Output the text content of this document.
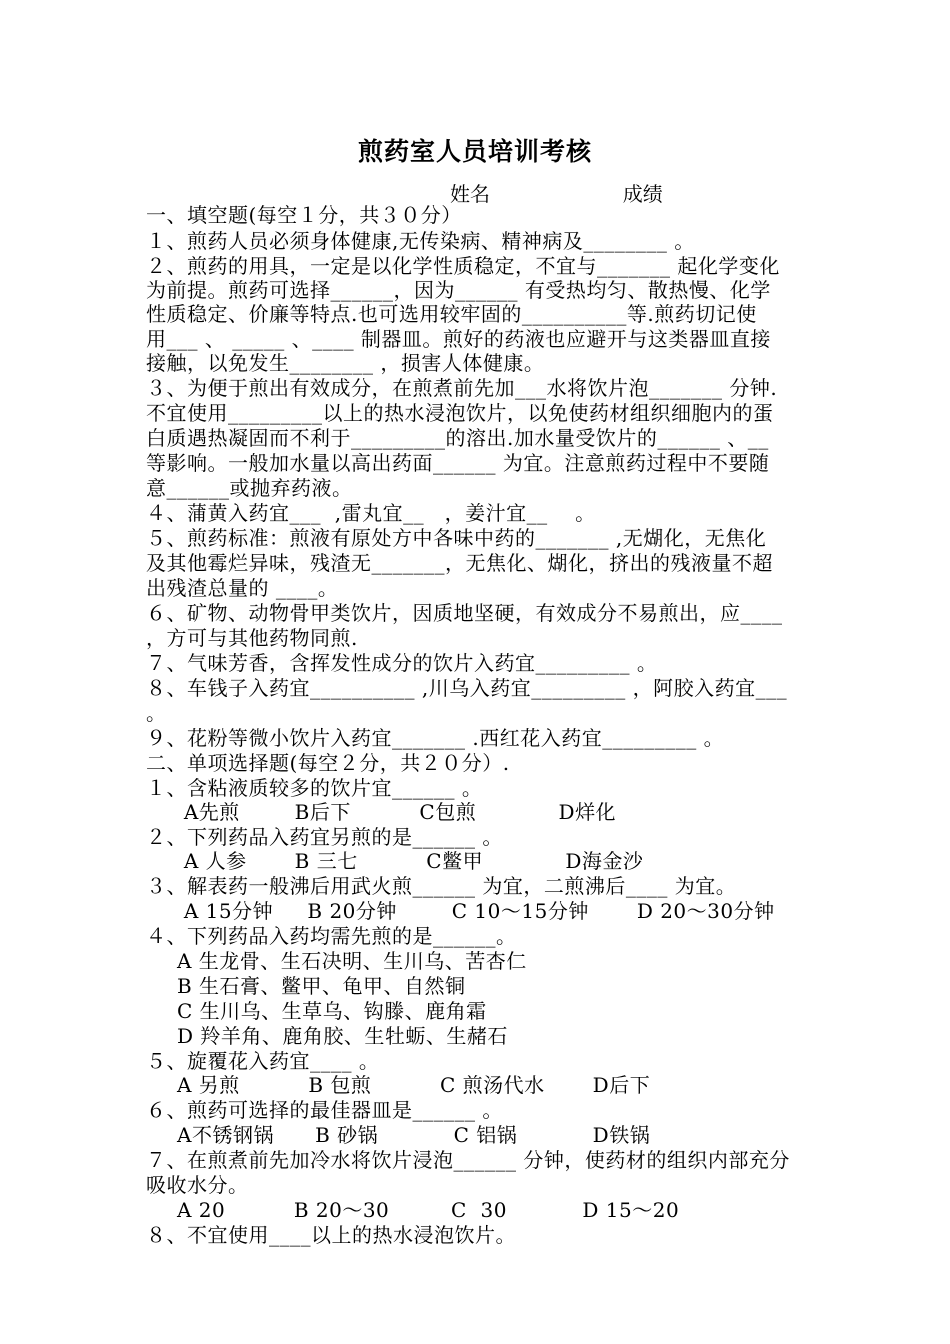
煎药室人员培训考核
姓名	成绩
一、填空题(每空１分，共３０分）
１、煎药人员必须身体健康,无传染病、精神病及________ 。
２、煎药的用具，一定是以化学性质稳定，不宜与_______ 起化学变化
为前提。煎药可选择______，因为______ 有受热均匀、散热慢、化学
性质稳定、价廉等特点.也可选用较牢固的__________等.煎药切记使
用___ 、 _____ 、____ 制器皿。煎好的药液也应避开与这类器皿直接
接触，以免发生________ ，损害人体健康。
３、为便于煎出有效成分，在煎煮前先加___水将饮片泡_______ 分钟.
不宜使用_________以上的热水浸泡饮片，以免使药材组织细胞内的蛋
白质遇热凝固而不利于_________的溶出.加水量受饮片的______ 、__
等影响。一般加水量以高出药面______ 为宜。注意煎药过程中不要随
意______或抛弃药液。
４、蒲黄入药宜___  ,雷丸宜__   ，姜汁宜__    。
５、煎药标准：煎液有原处方中各味中药的_______ ,无煳化，无焦化
及其他霉烂异味，残渣无_______，无焦化、煳化，挤出的残液量不超
出残渣总量的 ____。
６、矿物、动物骨甲类饮片，因质地坚硬，有效成分不易煎出，应____
，方可与其他药物同煎.
７、气味芳香，含挥发性成分的饮片入药宜_________ 。
８、车钱子入药宜__________ ,川乌入药宜_________ ，阿胶入药宜___
。
９、花粉等微小饮片入药宜_______ .西红花入药宜_________ 。
二、单项选择题(每空２分，共２０分）.
１、含粘液质较多的饮片宜______ 。
A先煎        B后下          C包煎            D烊化
２、下列药品入药宜另煎的是______ 。
A 人参       B 三七          C鳖甲            D海金沙
３、解表药一般沸后用武火煎______ 为宜，二煎沸后____ 为宜。
A 15分钟     B 20分钟        C 10～15分钟       D 20～30分钟
４、下列药品入药均需先煎的是______。
A 生龙骨、生石决明、生川乌、苦杏仁
B 生石膏、鳖甲、龟甲、自然铜
C 生川乌、生草乌、钩滕、鹿角霜
D 羚羊角、鹿角胶、生牡蛎、生赭石
５、旋覆花入药宜____ 。
A 另煎          B 包煎          C 煎汤代水       D后下
６、煎药可选择的最佳器皿是______ 。
A不锈钢锅      B 砂锅           C 铝锅           D铁锅
７、在煎煮前先加冷水将饮片浸泡______ 分钟，使药材的组织内部充分
吸收水分。
A 20          B 20～30         C  30           D 15～20
８、不宜使用____以上的热水浸泡饮片。
